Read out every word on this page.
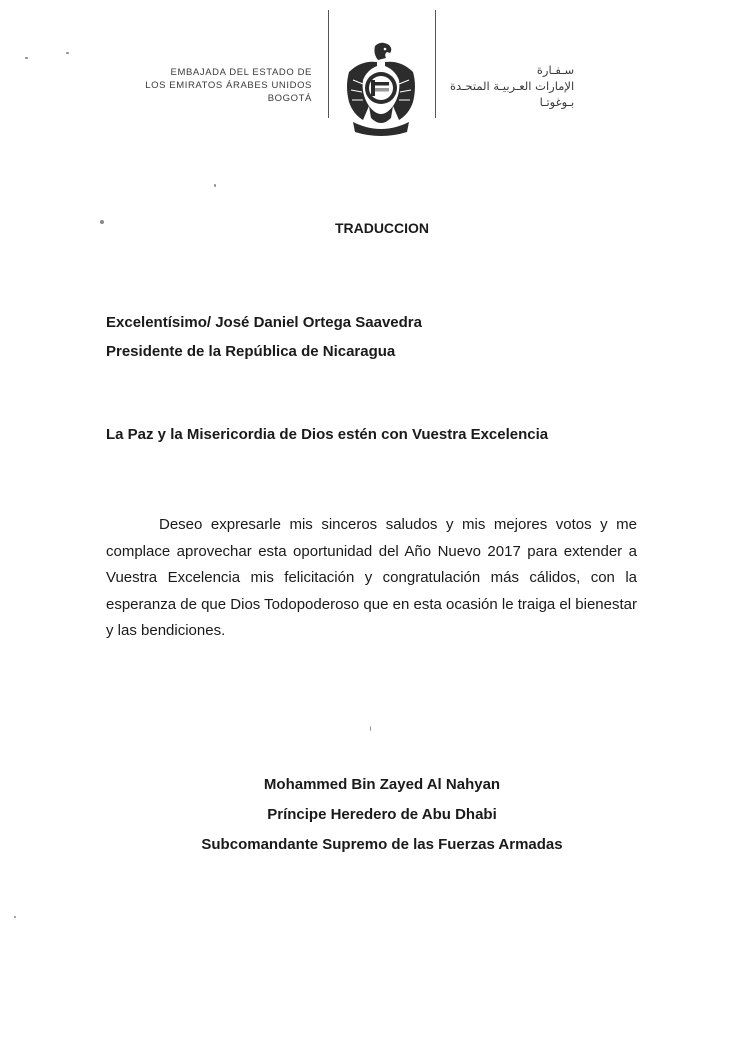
EMBAJADA DEL ESTADO DE
LOS EMIRATOS ÁRABES UNIDOS
BOGOTÁ
سـفـارة
الإمارات العـربيـة المتحـدة
بـوغوتـا
TRADUCCION
Excelentísimo/ José Daniel Ortega Saavedra
Presidente de la República de Nicaragua
La Paz y la Misericordia de Dios estén con Vuestra Excelencia
Deseo expresarle mis sinceros saludos y mis mejores votos y me complace aprovechar esta oportunidad del Año Nuevo 2017 para extender a Vuestra Excelencia mis felicitación y congratulación más cálidos, con la esperanza de que Dios Todopoderoso que en esta ocasión le traiga el bienestar y las bendiciones.
Mohammed Bin Zayed Al Nahyan
Príncipe Heredero de Abu Dhabi
Subcomandante Supremo de las Fuerzas Armadas
